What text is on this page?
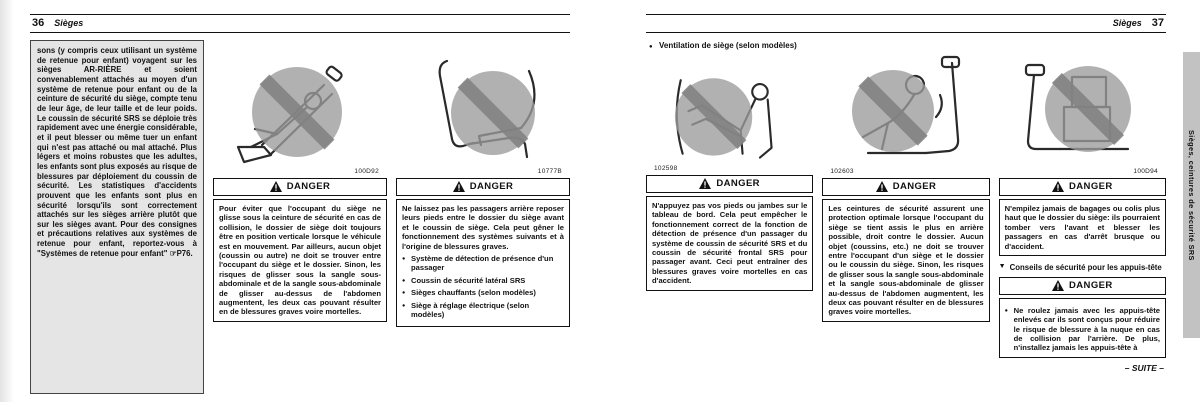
36 Sièges
sons (y compris ceux utilisant un système de retenue pour enfant) voyagent sur les sièges AR-RIÈRE et soient convenablement attachés au moyen d'un système de retenue pour enfant ou de la ceinture de sécurité du siège, compte tenu de leur âge, de leur taille et de leur poids. Le coussin de sécurité SRS se déploie très rapidement avec une énergie considérable, et il peut blesser ou même tuer un enfant qui n'est pas attaché ou mal attaché. Plus légers et moins robustes que les adultes, les enfants sont plus exposés au risque de blessures par déploiement du coussin de sécurité. Les statistiques d'accidents prouvent que les enfants sont plus en sécurité lorsqu'ils sont correctement attachés sur les sièges arrière plutôt que sur les sièges avant. Pour des consignes et précautions relatives aux systèmes de retenue pour enfant, reportez-vous à "Systèmes de retenue pour enfant" ☞P76.
100D92
DANGER
Pour éviter que l'occupant du siège ne glisse sous la ceinture de sécurité en cas de collision, le dossier de siège doit toujours être en position verticale lorsque le véhicule est en mouvement. Par ailleurs, aucun objet (coussin ou autre) ne doit se trouver entre l'occupant du siège et le dossier. Sinon, les risques de glisser sous la sangle sous-abdominale et de la sangle sous-abdominale de glisser au-dessus de l'abdomen augmentent, les deux cas pouvant résulter en de blessures graves voire mortelles.
10777B
DANGER
Ne laissez pas les passagers arrière reposer leurs pieds entre le dossier du siège avant et le coussin de siège. Cela peut gêner le fonctionnement des systèmes suivants et à l'origine de blessures graves.
● Système de détection de présence d'un passager
● Coussin de sécurité latéral SRS
● Sièges chauffants (selon modèles)
● Siège à réglage électrique (selon modèles)
Sièges 37
● Ventilation de siège (selon modèles)
102598
DANGER
N'appuyez pas vos pieds ou jambes sur le tableau de bord. Cela peut empêcher le fonctionnement correct de la fonction de détection de présence d'un passager du système de coussin de sécurité SRS et du coussin de sécurité frontal SRS pour passager avant. Ceci peut entraîner des blessures graves voire mortelles en cas d'accident.
102603
DANGER
Les ceintures de sécurité assurent une protection optimale lorsque l'occupant du siège se tient assis le plus en arrière possible, droit contre le dossier. Aucun objet (coussins, etc.) ne doit se trouver entre l'occupant d'un siège et le dossier ou le coussin du siège. Sinon, les risques de glisser sous la sangle sous-abdominale et la sangle sous-abdominale de glisser au-dessus de l'abdomen augmentent, les deux cas pouvant résulter en de blessures graves voire mortelles.
100D94
DANGER
N'empilez jamais de bagages ou colis plus haut que le dossier du siège: ils pourraient tomber vers l'avant et blesser les passagers en cas d'arrêt brusque ou d'accident.
▼ Conseils de sécurité pour les appuis-tête
DANGER
● Ne roulez jamais avec les appuis-tête enlevés car ils sont conçus pour réduire le risque de blessure à la nuque en cas de collision par l'arrière. De plus, n'installez jamais les appuis-tête à
– SUITE –
Sièges, ceintures de sécurité SRS
